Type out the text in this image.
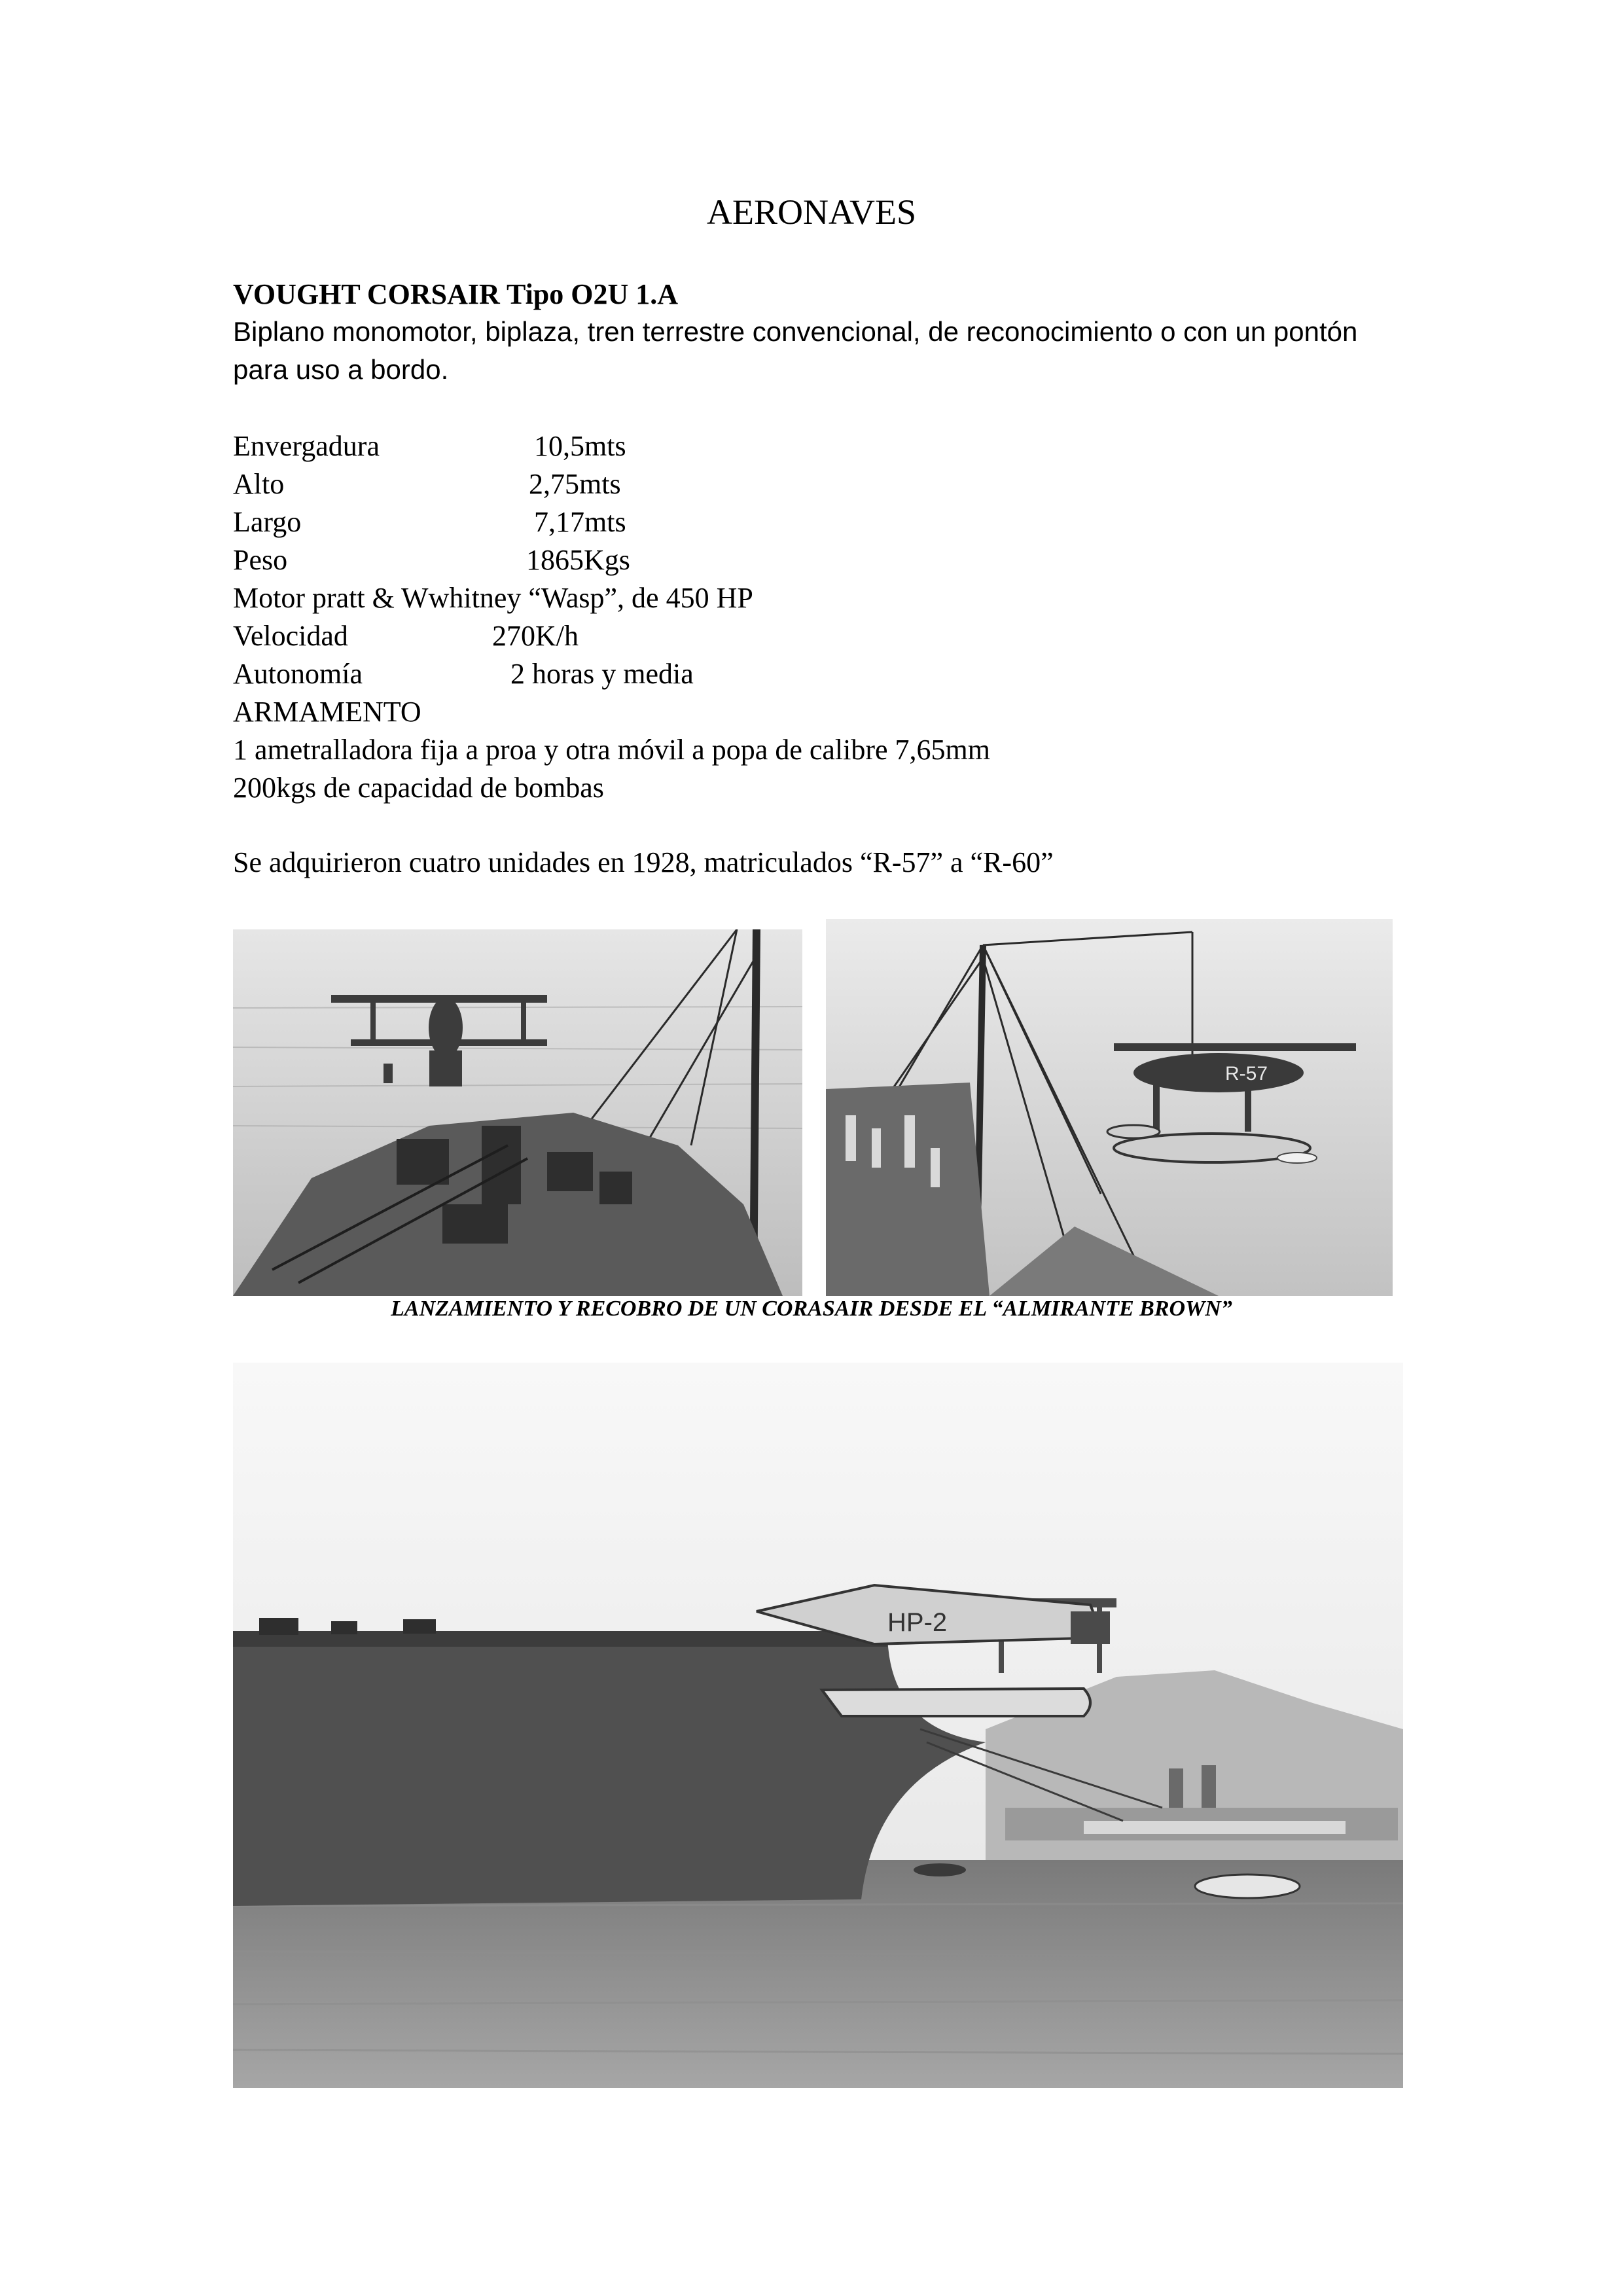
AERONAVES
VOUGHT CORSAIR Tipo O2U 1.A
Biplano monomotor, biplaza, tren terrestre convencional, de reconocimiento o con un pontón para uso a bordo.
Envergadura	10,5mts
Alto	2,75mts
Largo	7,17mts
Peso	1865Kgs
Motor pratt & Wwhitney “Wasp”, de 450 HP
Velocidad	270K/h
Autonomía	2 horas y media
ARMAMENTO
1 ametralladora fija a proa y otra móvil a popa de calibre 7,65mm
200kgs de capacidad de bombas
Se adquirieron cuatro unidades en 1928, matriculados “R-57” a “R-60”
R-57
LANZAMIENTO Y RECOBRO DE UN CORASAIR DESDE EL “ALMIRANTE BROWN”
HP-2
